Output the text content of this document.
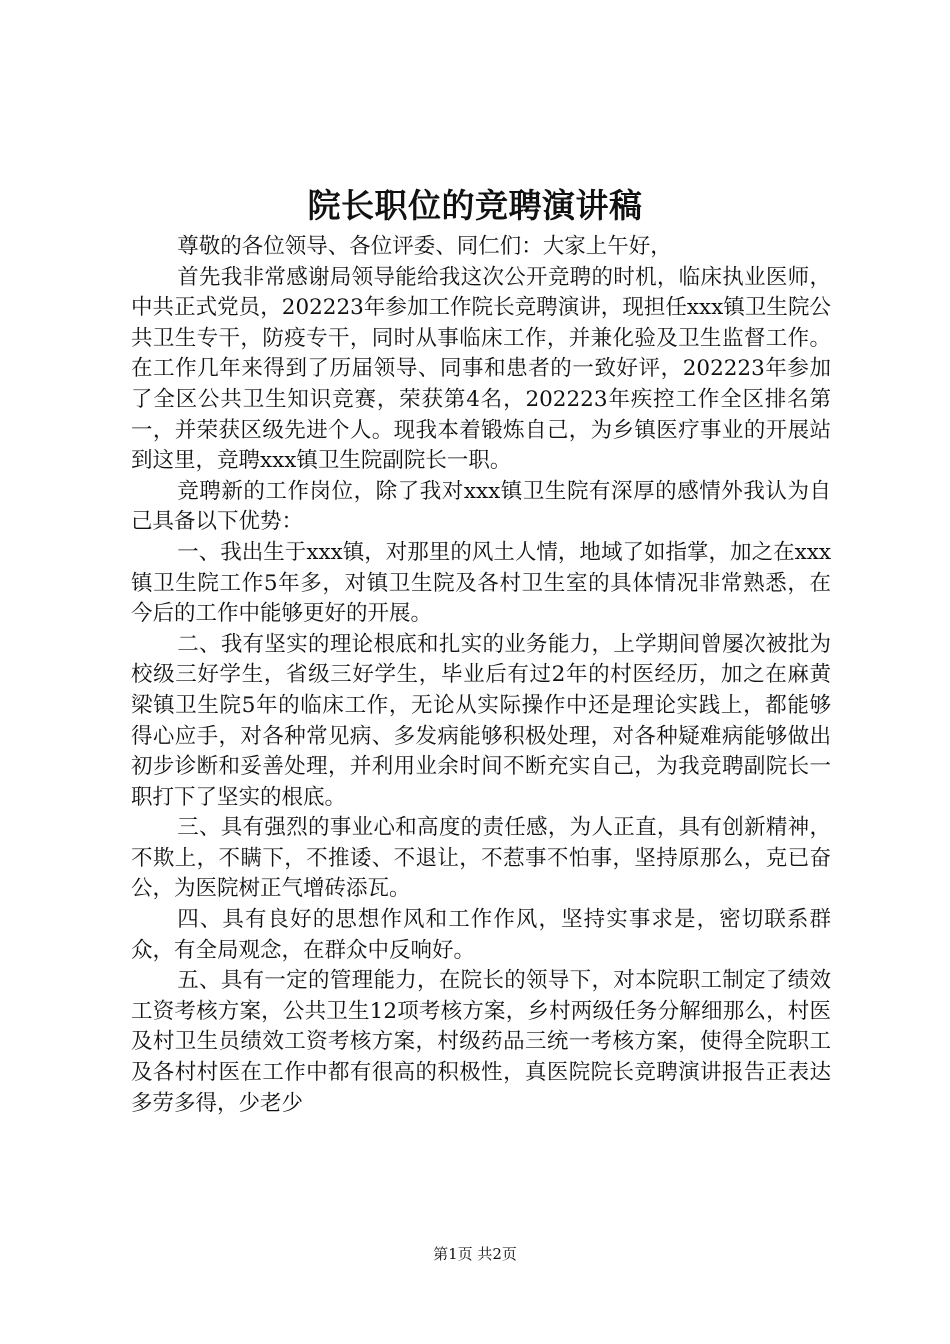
院长职位的竞聘演讲稿

尊敬的各位领导、各位评委、同仁们：大家上午好，

首先我非常感谢局领导能给我这次公开竞聘的时机，临床执业医师，中共正式党员，202223年参加工作院长竞聘演讲，现担任xxx镇卫生院公共卫生专干，防疫专干，同时从事临床工作，并兼化验及卫生监督工作。在工作几年来得到了历届领导、同事和患者的一致好评，202223年参加了全区公共卫生知识竞赛，荣获第4名，202223年疾控工作全区排名第一，并荣获区级先进个人。现我本着锻炼自己，为乡镇医疗事业的开展站到这里，竞聘xxx镇卫生院副院长一职。

竞聘新的工作岗位，除了我对xxx镇卫生院有深厚的感情外我认为自己具备以下优势：

一、我出生于xxx镇，对那里的风土人情，地域了如指掌，加之在xxx镇卫生院工作5年多，对镇卫生院及各村卫生室的具体情况非常熟悉，在今后的工作中能够更好的开展。

二、我有坚实的理论根底和扎实的业务能力，上学期间曾屡次被批为校级三好学生，省级三好学生，毕业后有过2年的村医经历，加之在麻黄梁镇卫生院5年的临床工作，无论从实际操作中还是理论实践上，都能够得心应手，对各种常见病、多发病能够积极处理，对各种疑难病能够做出初步诊断和妥善处理，并利用业余时间不断充实自己，为我竞聘副院长一职打下了坚实的根底。

三、具有强烈的事业心和高度的责任感，为人正直，具有创新精神，不欺上，不瞒下，不推诿、不退让，不惹事不怕事，坚持原那么，克已奋公，为医院树正气增砖添瓦。

四、具有良好的思想作风和工作作风，坚持实事求是，密切联系群众，有全局观念，在群众中反响好。

五、具有一定的管理能力，在院长的领导下，对本院职工制定了绩效工资考核方案，公共卫生12项考核方案，乡村两级任务分解细那么，村医及村卫生员绩效工资考核方案，村级药品三统一考核方案，使得全院职工及各村村医在工作中都有很高的积极性，真医院院长竞聘演讲报告正表达多劳多得，少老少

第1页 共2页
